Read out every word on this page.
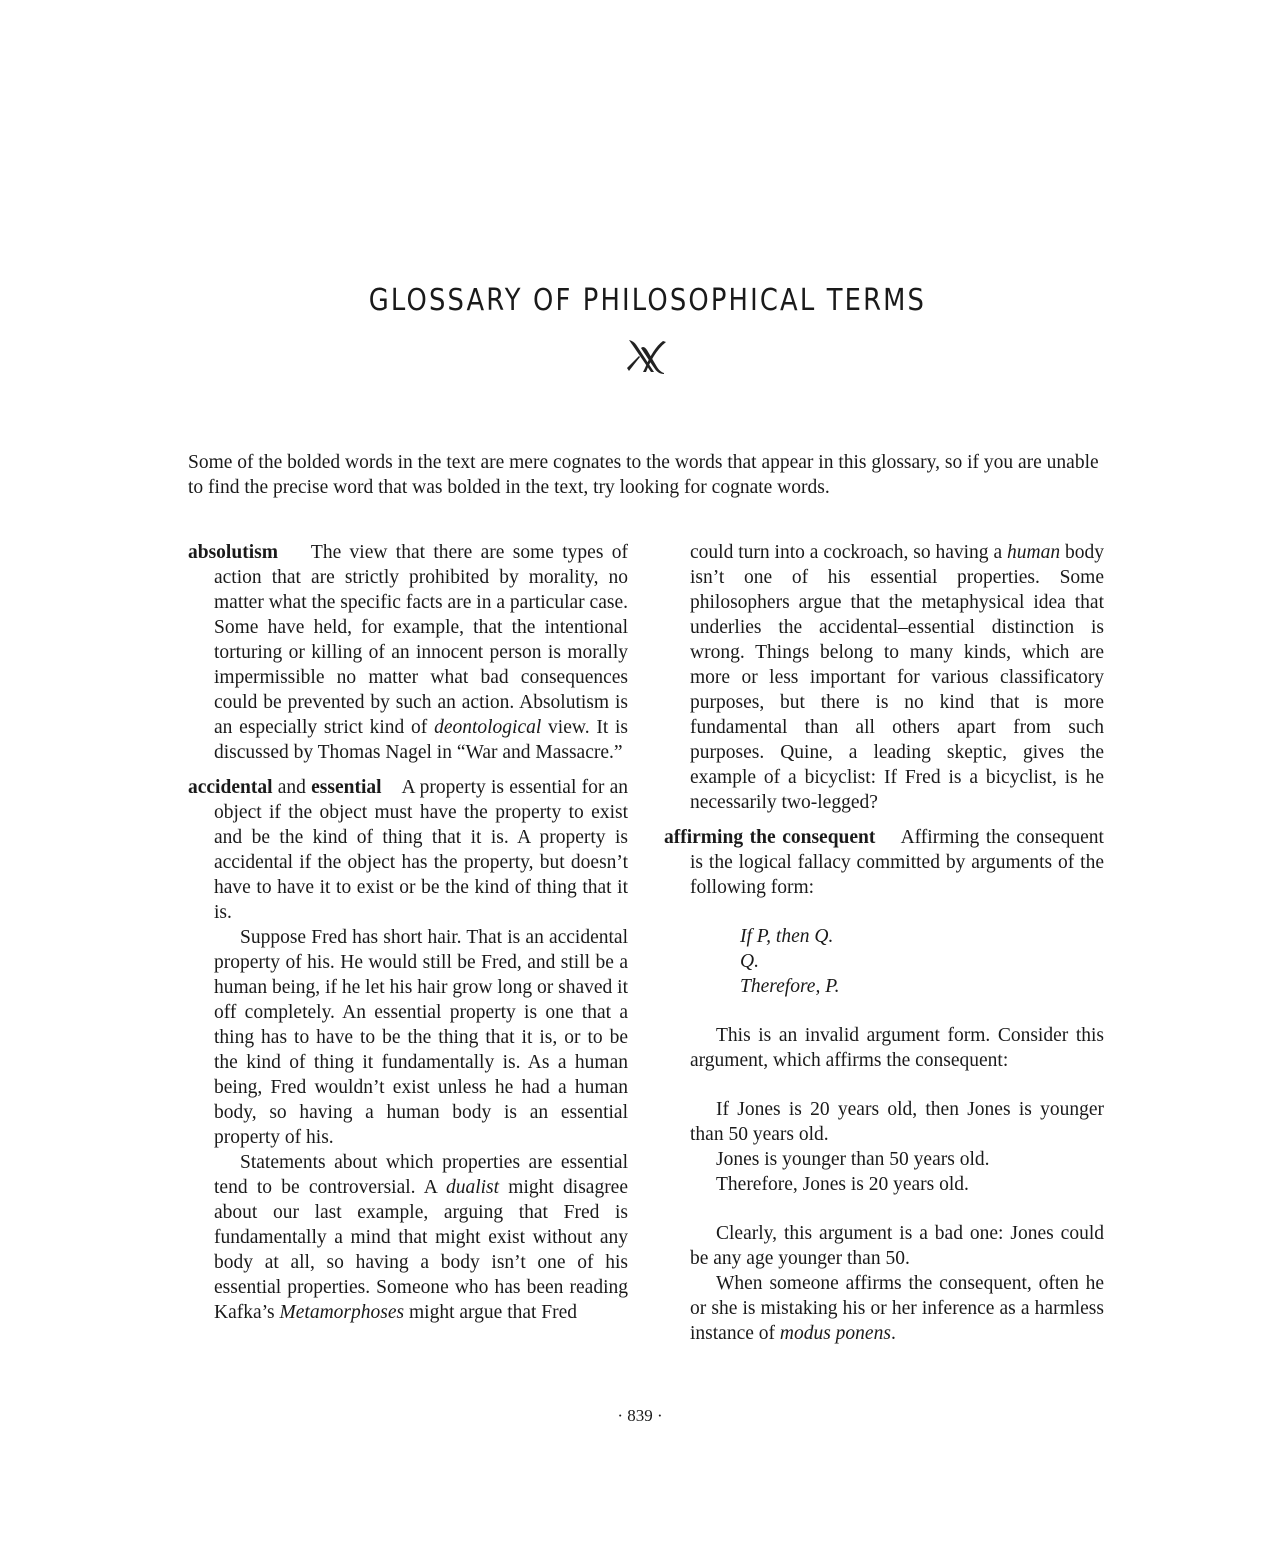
GLOSSARY OF PHILOSOPHICAL TERMS

Some of the bolded words in the text are mere cognates to the words that appear in this glossary, so if you are unable to find the precise word that was bolded in the text, try looking for cognate words.

absolutism The view that there are some types of action that are strictly prohibited by morality, no matter what the specific facts are in a particular case. Some have held, for example, that the intentional torturing or killing of an innocent person is morally impermissible no matter what bad consequences could be prevented by such an action. Absolutism is an especially strict kind of deontological view. It is discussed by Thomas Nagel in “War and Massacre.”

accidental and essential A property is essential for an object if the object must have the property to exist and be the kind of thing that it is. A property is accidental if the object has the property, but doesn’t have to have it to exist or be the kind of thing that it is.

Suppose Fred has short hair. That is an accidental property of his. He would still be Fred, and still be a human being, if he let his hair grow long or shaved it off completely. An essential property is one that a thing has to have to be the thing that it is, or to be the kind of thing it fundamentally is. As a human being, Fred wouldn’t exist unless he had a human body, so having a human body is an essential property of his.

Statements about which properties are essential tend to be controversial. A dualist might disagree about our last example, arguing that Fred is fundamentally a mind that might exist without any body at all, so having a body isn’t one of his essential properties. Someone who has been reading Kafka’s Metamorphoses might argue that Fred

could turn into a cockroach, so having a human body isn’t one of his essential properties. Some philosophers argue that the metaphysical idea that underlies the accidental–essential distinction is wrong. Things belong to many kinds, which are more or less important for various classificatory purposes, but there is no kind that is more fundamental than all others apart from such purposes. Quine, a leading skeptic, gives the example of a bicyclist: If Fred is a bicyclist, is he necessarily two-legged?

affirming the consequent Affirming the consequent is the logical fallacy committed by arguments of the following form:

If P, then Q.
Q.
Therefore, P.

This is an invalid argument form. Consider this argument, which affirms the consequent:

If Jones is 20 years old, then Jones is younger than 50 years old.
Jones is younger than 50 years old.
Therefore, Jones is 20 years old.

Clearly, this argument is a bad one: Jones could be any age younger than 50.

When someone affirms the consequent, often he or she is mistaking his or her inference as a harmless instance of modus ponens.

· 839 ·
